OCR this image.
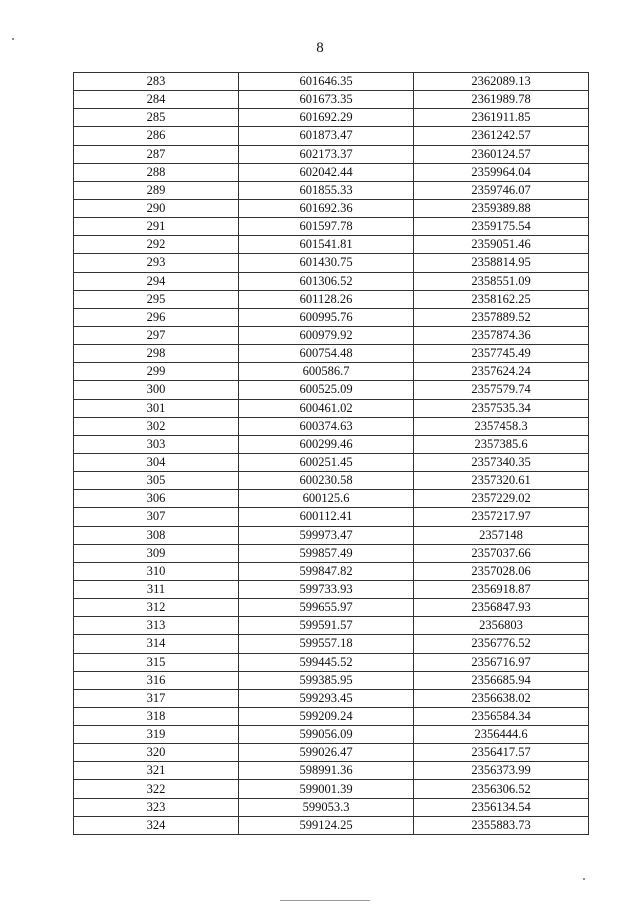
8
283	601646.35	2362089.13
284	601673.35	2361989.78
285	601692.29	2361911.85
286	601873.47	2361242.57
287	602173.37	2360124.57
288	602042.44	2359964.04
289	601855.33	2359746.07
290	601692.36	2359389.88
291	601597.78	2359175.54
292	601541.81	2359051.46
293	601430.75	2358814.95
294	601306.52	2358551.09
295	601128.26	2358162.25
296	600995.76	2357889.52
297	600979.92	2357874.36
298	600754.48	2357745.49
299	600586.7	2357624.24
300	600525.09	2357579.74
301	600461.02	2357535.34
302	600374.63	2357458.3
303	600299.46	2357385.6
304	600251.45	2357340.35
305	600230.58	2357320.61
306	600125.6	2357229.02
307	600112.41	2357217.97
308	599973.47	2357148
309	599857.49	2357037.66
310	599847.82	2357028.06
311	599733.93	2356918.87
312	599655.97	2356847.93
313	599591.57	2356803
314	599557.18	2356776.52
315	599445.52	2356716.97
316	599385.95	2356685.94
317	599293.45	2356638.02
318	599209.24	2356584.34
319	599056.09	2356444.6
320	599026.47	2356417.57
321	598991.36	2356373.99
322	599001.39	2356306.52
323	599053.3	2356134.54
324	599124.25	2355883.73
